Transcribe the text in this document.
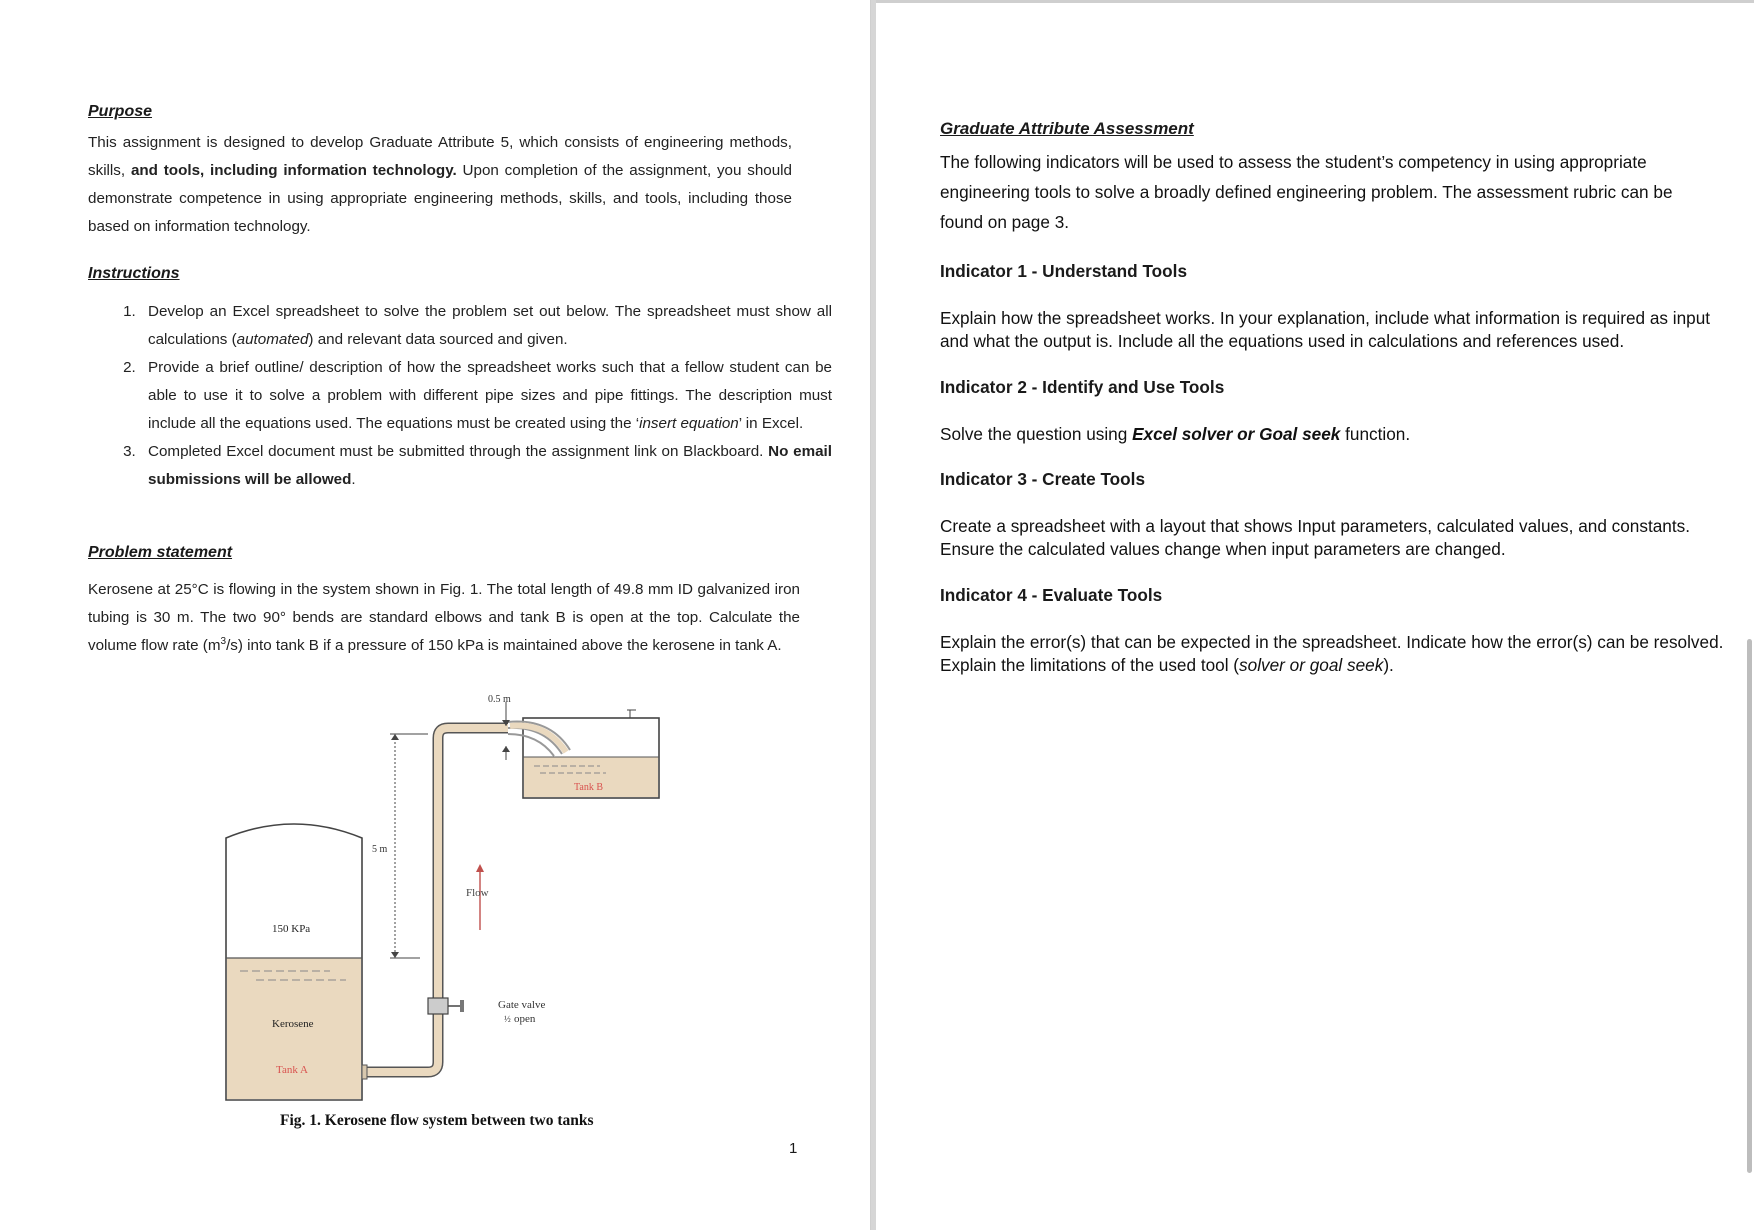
Purpose

This assignment is designed to develop Graduate Attribute 5, which consists of engineering methods, skills, and tools, including information technology. Upon completion of the assignment, you should demonstrate competence in using appropriate engineering methods, skills, and tools, including those based on information technology.

Instructions
1. Develop an Excel spreadsheet to solve the problem set out below. The spreadsheet must show all calculations (automated) and relevant data sourced and given.
2. Provide a brief outline/ description of how the spreadsheet works such that a fellow student can be able to use it to solve a problem with different pipe sizes and pipe fittings. The description must include all the equations used. The equations must be created using the ‘insert equation’ in Excel.
3. Completed Excel document must be submitted through the assignment link on Blackboard. No email submissions will be allowed.
Problem statement

Kerosene at 25°C is flowing in the system shown in Fig. 1. The total length of 49.8 mm ID galvanized iron tubing is 30 m. The two 90° bends are standard elbows and tank B is open at the top. Calculate the volume flow rate $(m^3/s)$ into tank B if a pressure of 150 kPa is maintained above the kerosene in tank A.

0.5 m
5 m
Flow
150 KPa
Kerosene
Tank A
Tank B
Gate valve
½ open
Fig. 1. Kerosene flow system between two tanks
1
Graduate Attribute Assessment

The following indicators will be used to assess the student’s competency in using appropriate engineering tools to solve a broadly defined engineering problem. The assessment rubric can be found on page 3.

Indicator 1 - Understand Tools

Explain how the spreadsheet works. In your explanation, include what information is required as input and what the output is. Include all the equations used in calculations and references used.

Indicator 2 - Identify and Use Tools

Solve the question using Excel solver or Goal seek function.

Indicator 3 - Create Tools

Create a spreadsheet with a layout that shows Input parameters, calculated values, and constants. Ensure the calculated values change when input parameters are changed.

Indicator 4 - Evaluate Tools

Explain the error(s) that can be expected in the spreadsheet. Indicate how the error(s) can be resolved. Explain the limitations of the used tool (solver or goal seek).
